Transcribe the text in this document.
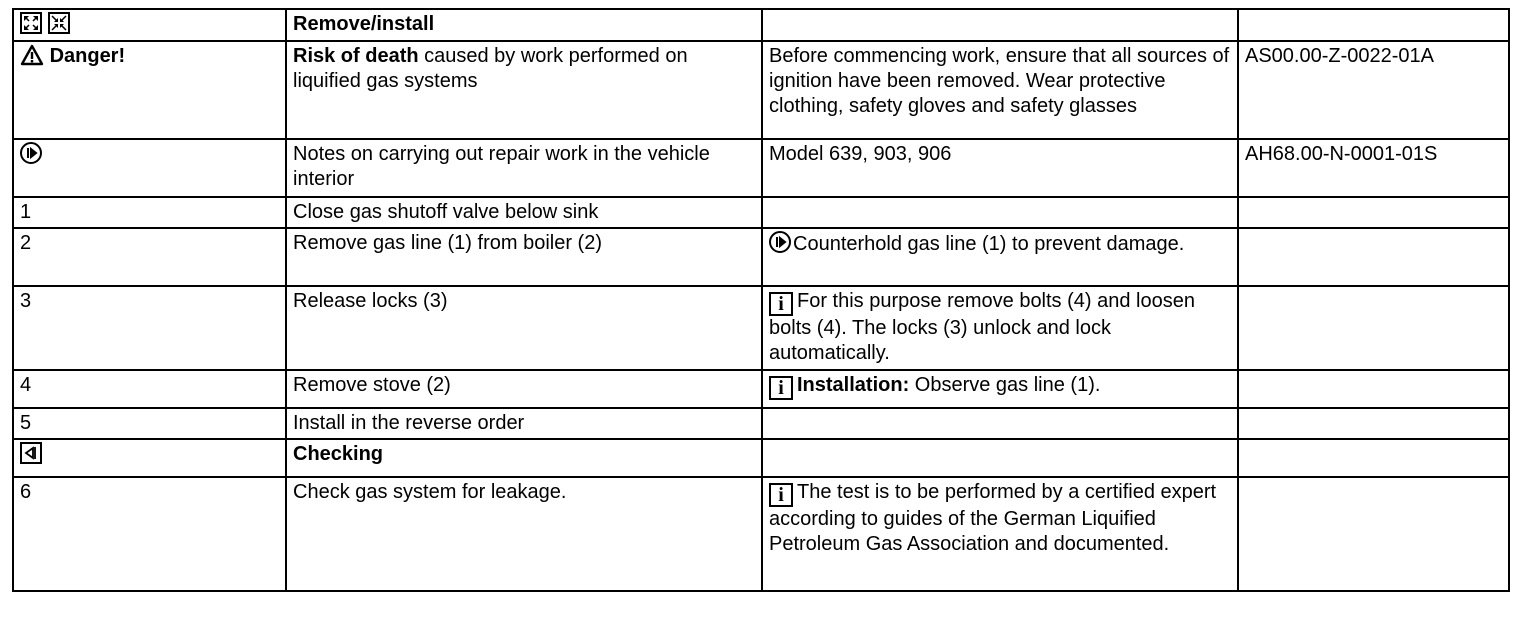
	Remove/install		
Danger!	Risk of death caused by work performed on liquified gas systems	Before commencing work, ensure that all sources of ignition have been removed. Wear protective clothing, safety gloves and safety glasses	AS00.00-Z-0022-01A

	Notes on carrying out repair work in the vehicle interior	Model 639, 903, 906	AH68.00-N-0001-01S
1	Close gas shutoff valve below sink		
2	Remove gas line (1) from boiler (2)	Counterhold gas line (1) to prevent damage.	
3	Release locks (3)	i For this purpose remove bolts (4) and loosen bolts (4). The locks (3) unlock and lock automatically.	
4	Remove stove (2)	i Installation: Observe gas line (1).	
5	Install in the reverse order		

	Checking		
6	Check gas system for leakage.	i The test is to be performed by a certified expert according to guides of the German Liquified Petroleum Gas Association and documented.	
